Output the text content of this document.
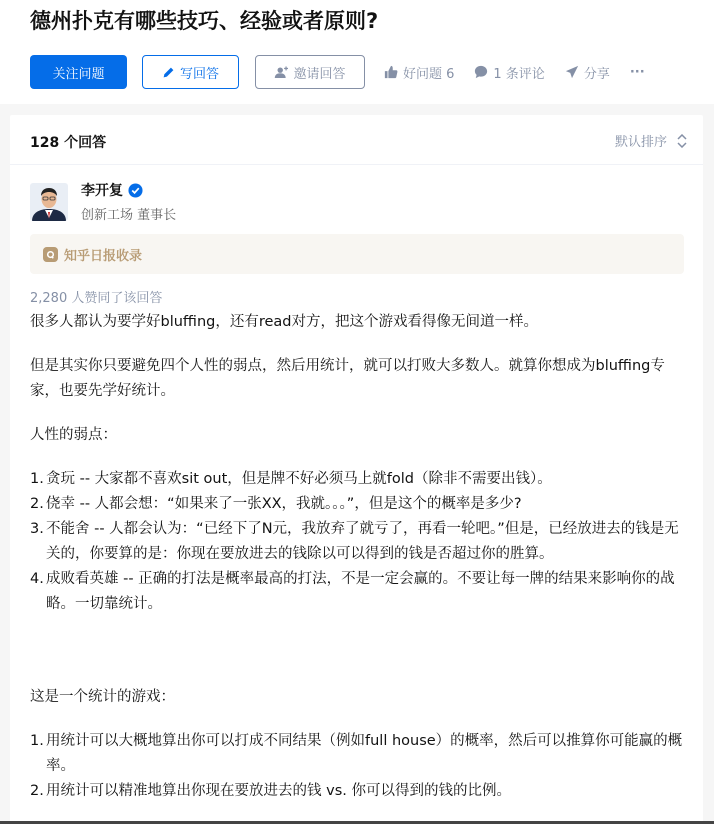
德州扑克有哪些技巧、经验或者原则?
关注问题	写回答	邀请回答	好问题 6	1 条评论	分享 ···
128 个回答	默认排序
李开复
创新工场 董事长
知乎日报收录
2,280 人赞同了该回答

很多人都认为要学好bluffing，还有read对方，把这个游戏看得像无间道一样。

但是其实你只要避免四个人性的弱点，然后用统计，就可以打败大多数人。就算你想成为bluffing专家，也要先学好统计。

人性的弱点：

1. 贪玩 -- 大家都不喜欢sit out，但是牌不好必须马上就fold（除非不需要出钱）。
2. 侥幸 -- 人都会想：“如果来了一张XX，我就。。。”，但是这个的概率是多少?
3. 不能舍 -- 人都会认为：“已经下了N元，我放弃了就亏了，再看一轮吧。”但是，已经放进去的钱是无关的，你要算的是：你现在要放进去的钱除以可以得到的钱是否超过你的胜算。
4. 成败看英雄 -- 正确的打法是概率最高的打法，不是一定会赢的。不要让每一牌的结果来影响你的战略。一切靠统计。

这是一个统计的游戏：

1. 用统计可以大概地算出你可以打成不同结果（例如full house）的概率，然后可以推算你可能赢的概率。
2. 用统计可以精准地算出你现在要放进去的钱 vs. 你可以得到的钱的比例。
